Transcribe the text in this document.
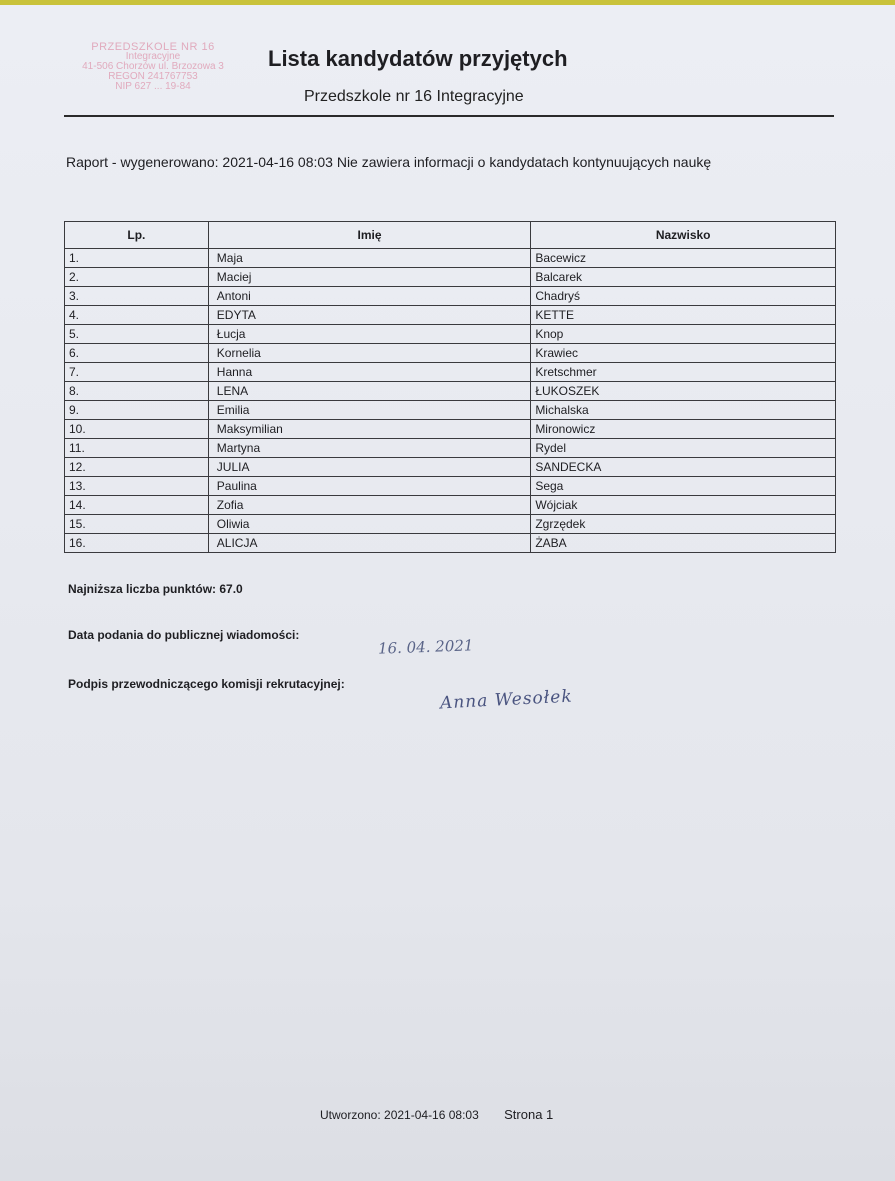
PRZEDSZKOLE NR 16
Integracyjne
41-506 Chorzów ul. Brzozowa 3
REGON 241767753
NIP 627 ... 19-84
Lista kandydatów przyjętych
Przedszkole nr 16 Integracyjne
Raport - wygenerowano: 2021-04-16 08:03 Nie zawiera informacji o kandydatach kontynuujących naukę
Lp.	Imię	Nazwisko
1.	Maja	Bacewicz
2.	Maciej	Balcarek
3.	Antoni	Chadryś
4.	EDYTA	KETTE
5.	Łucja	Knop
6.	Kornelia	Krawiec
7.	Hanna	Kretschmer
8.	LENA	ŁUKOSZEK
9.	Emilia	Michalska
10.	Maksymilian	Mironowicz
11.	Martyna	Rydel
12.	JULIA	SANDECKA
13.	Paulina	Sega
14.	Zofia	Wójciak
15.	Oliwia	Zgrzędek
16.	ALICJA	ŻABA
Najniższa liczba punktów: 67.0
Data podania do publicznej wiadomości:
16. 04. 2021
Podpis przewodniczącego komisji rekrutacyjnej:
Anna Wesołek
Utworzono: 2021-04-16 08:03 Strona 1
